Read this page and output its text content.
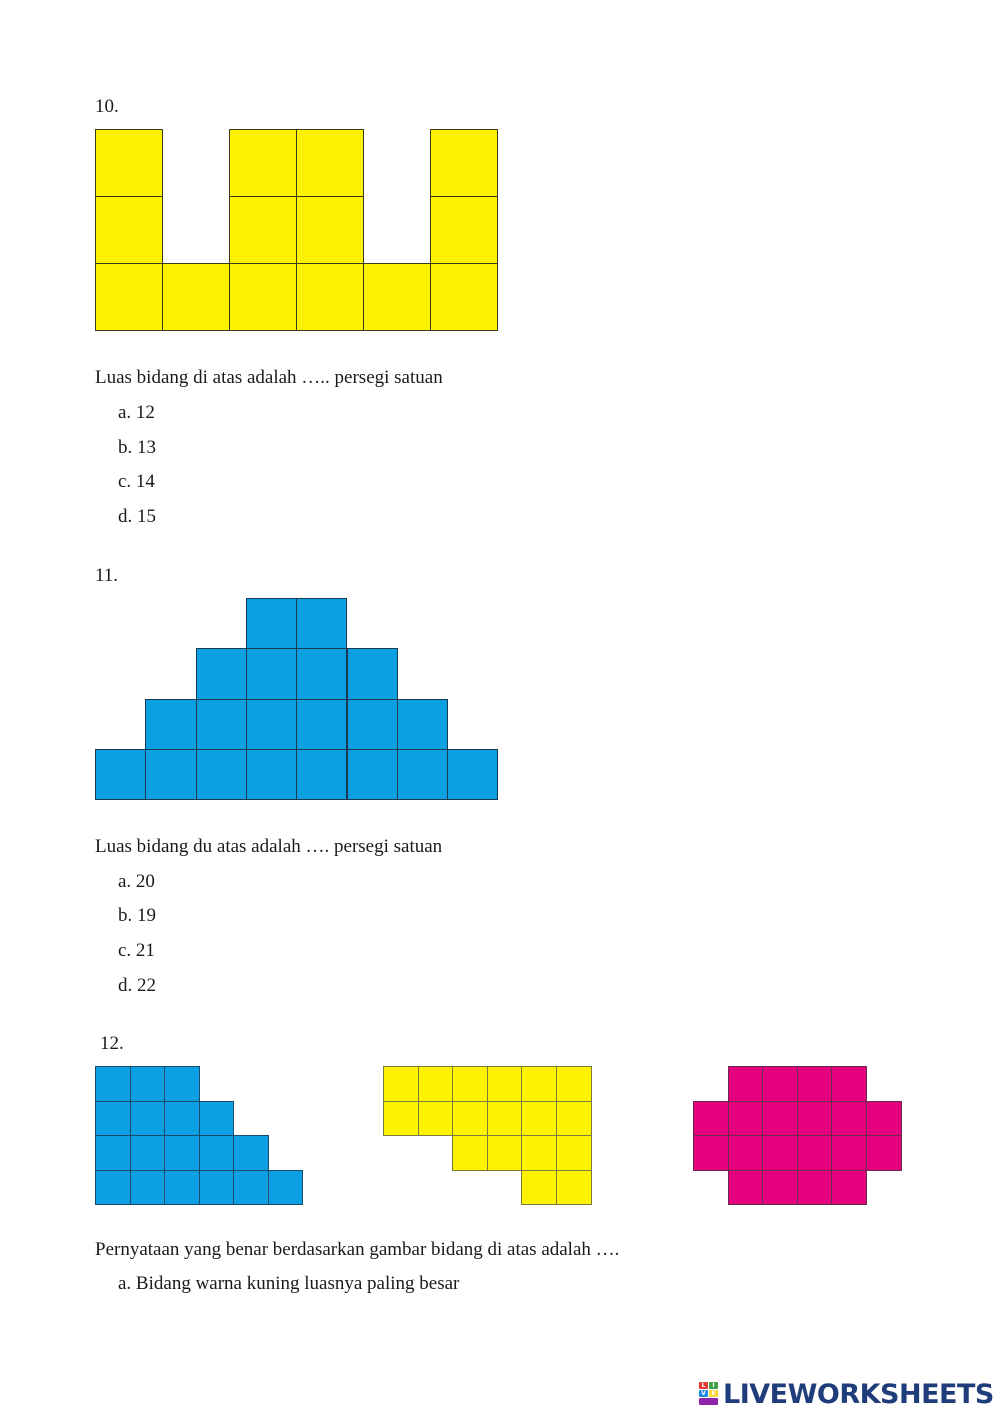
10.
Luas bidang di atas adalah ….. persegi satuan
a. 12
b. 13
c. 14
d. 15
11.
Luas bidang du atas adalah …. persegi satuan
a. 20
b. 19
c. 21
d. 22
12.
Pernyataan yang benar berdasarkan gambar bidang di atas adalah ….
a. Bidang warna kuning luasnya paling besar
L	I
V E LIVEWORKSHEETS
